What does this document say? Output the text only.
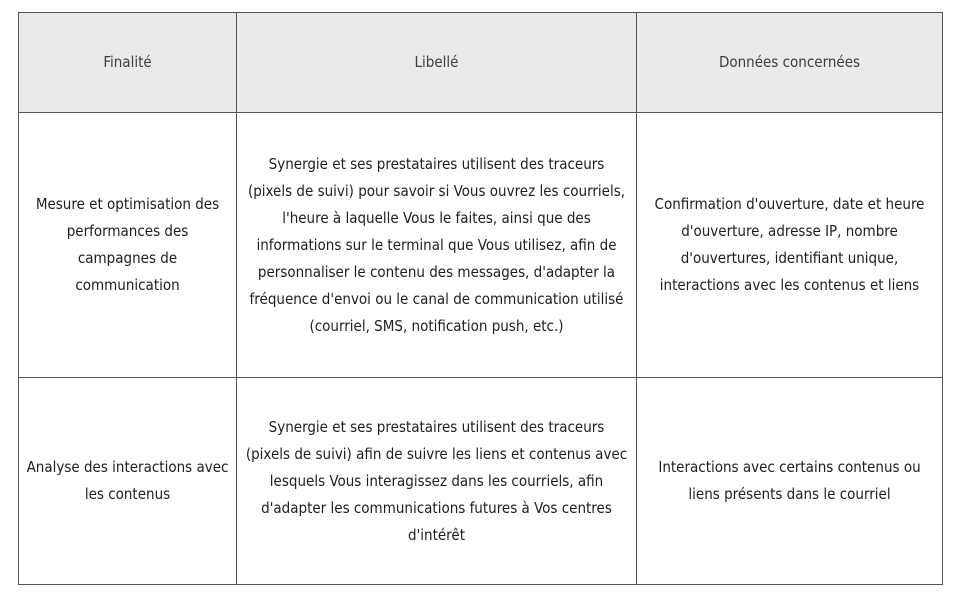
Finalité	Libellé	Données concernées
Mesure et optimisation des performances des campagnes de communication	Synergie et ses prestataires utilisent des traceurs (pixels de suivi) pour savoir si Vous ouvrez les courriels, l'heure à laquelle Vous le faites, ainsi que des informations sur le terminal que Vous utilisez, afin de personnaliser le contenu des messages, d'adapter la fréquence d'envoi ou le canal de communication utilisé (courriel, SMS, notification push, etc.)	Confirmation d'ouverture, date et heure d'ouverture, adresse IP, nombre d'ouvertures, identifiant unique, interactions avec les contenus et liens
Analyse des interactions avec les contenus	Synergie et ses prestataires utilisent des traceurs (pixels de suivi) afin de suivre les liens et contenus avec lesquels Vous interagissez dans les courriels, afin d'adapter les communications futures à Vos centres d'intérêt	Interactions avec certains contenus ou liens présents dans le courriel
